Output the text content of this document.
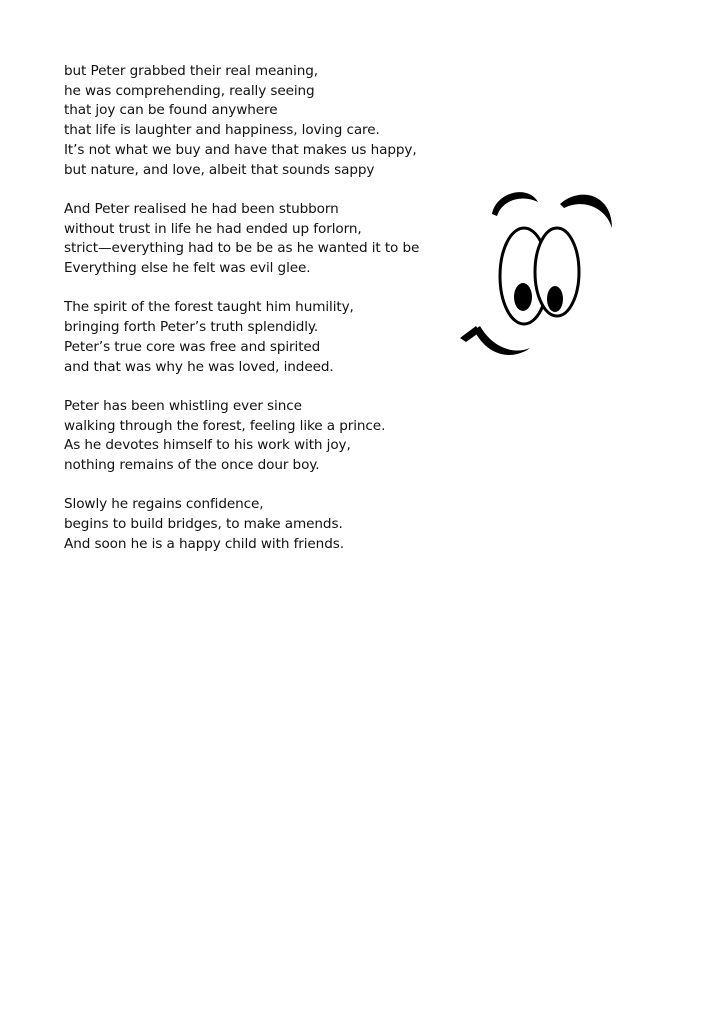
but Peter grabbed their real meaning,
he was comprehending, really seeing
that joy can be found anywhere
that life is laughter and happiness, loving care.
It’s not what we buy and have that makes us happy,
but nature, and love, albeit that sounds sappy
And Peter realised he had been stubborn
without trust in life he had ended up forlorn,
strict—everything had to be be as he wanted it to be
Everything else he felt was evil glee.
The spirit of the forest taught him humility,
bringing forth Peter’s truth splendidly.
Peter’s true core was free and spirited
and that was why he was loved, indeed.
Peter has been whistling ever since
walking through the forest, feeling like a prince.
As he devotes himself to his work with joy,
nothing remains of the once dour boy.
Slowly he regains confidence,
begins to build bridges, to make amends.
And soon he is a happy child with friends.
